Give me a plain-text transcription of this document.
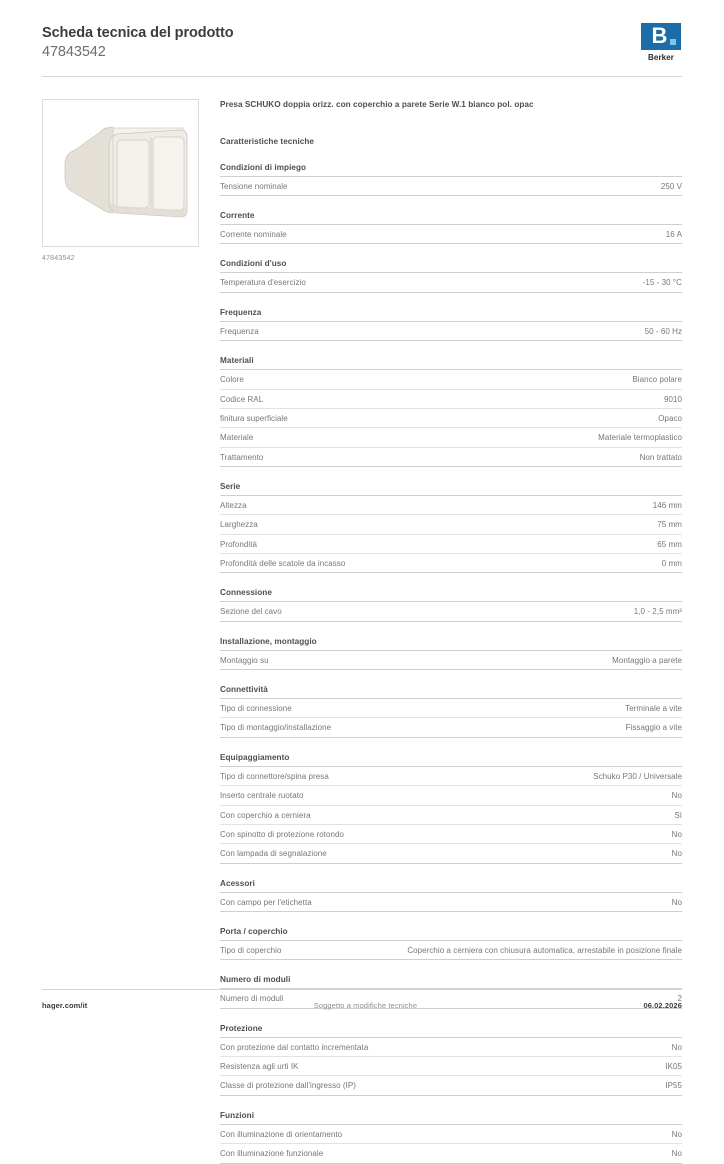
Scheda tecnica del prodotto
47843542
B
Berker
47843542
Presa SCHUKO doppia orizz. con coperchio a parete Serie W.1 bianco pol. opac
Caratteristiche tecniche
Condizioni di impiego
Tensione nominale	250 V
Corrente
Corrente nominale	16 A
Condizioni d'uso
Temperatura d'esercizio	-15 - 30 °C
Frequenza
Frequenza	50 - 60 Hz
Materiali
Colore	Bianco polare
Codice RAL	9010
finitura superficiale	Opaco
Materiale	Materiale termoplastico
Trattamento	Non trattato
Serie
Altezza	146 mm
Larghezza	75 mm
Profondità	65 mm
Profondità delle scatole da incasso	0 mm
Connessione
Sezione del cavo	1,0 - 2,5 mm²
Installazione, montaggio
Montaggio su	Montaggio a parete
Connettività
Tipo di connessione	Terminale a vite
Tipo di montaggio/installazione	Fissaggio a vite
Equipaggiamento
Tipo di connettore/spina presa	Schuko P30 / Universale
Inserto centrale ruotato	No
Con coperchio a cerniera	Sì
Con spinotto di protezione rotondo	No
Con lampada di segnalazione	No
Acessori
Con campo per l'etichetta	No
Porta / coperchio
Tipo di coperchio	Coperchio a cerniera con chiusura automatica, arrestabile in posizione finale
Numero di moduli
Numero di moduli	2
Protezione
Con protezione dal contatto incrementata	No
Resistenza agli urti IK	IK05
Classe di protezione dall'ingresso (IP)	IP55
Funzioni
Con illuminazione di orientamento	No
Con illuminazione funzionale	No
hager.com/it	Soggetto a modifiche tecniche	06.02.2026
